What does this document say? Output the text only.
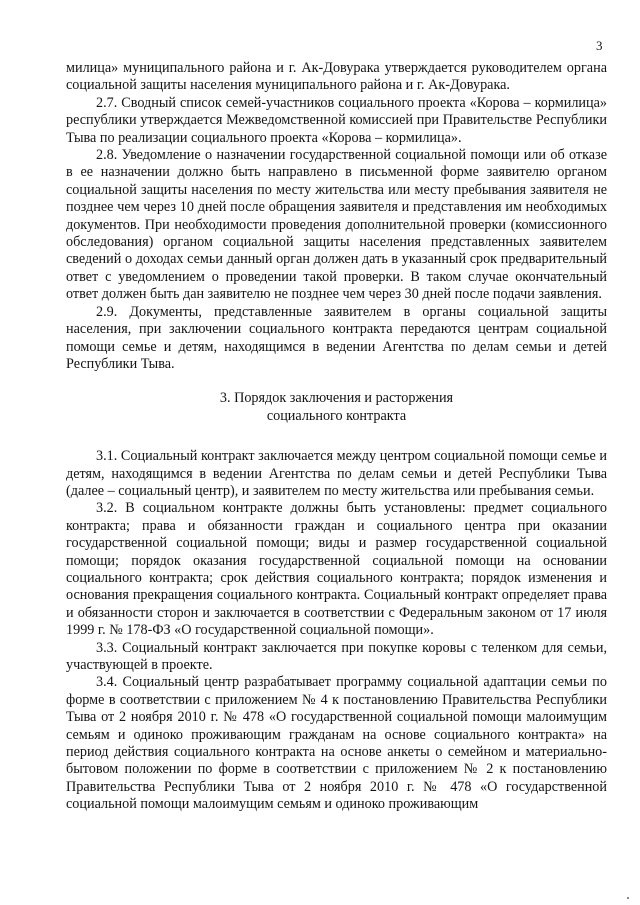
3

милица» муниципального района и г. Ак-Довурака утверждается руководителем органа социальной защиты населения муниципального района и г. Ак-Довурака.

2.7. Сводный список семей-участников социального проекта «Корова – кормилица» республики утверждается Межведомственной комиссией при Правительстве Республики Тыва по реализации социального проекта «Корова – кормилица».

2.8. Уведомление о назначении государственной социальной помощи или об отказе в ее назначении должно быть направлено в письменной форме заявителю органом социальной защиты населения по месту жительства или месту пребывания заявителя не позднее чем через 10 дней после обращения заявителя и представления им необходимых документов. При необходимости проведения дополнительной проверки (комиссионного обследования) органом социальной защиты населения представленных заявителем сведений о доходах семьи данный орган должен дать в указанный срок предварительный ответ с уведомлением о проведении такой проверки. В таком случае окончательный ответ должен быть дан заявителю не позднее чем через 30 дней после подачи заявления.

2.9. Документы, представленные заявителем в органы социальной защиты населения, при заключении социального контракта передаются центрам социальной помощи семье и детям, находящимся в ведении Агентства по делам семьи и детей Республики Тыва.

3. Порядок заключения и расторжения
социального контракта

3.1. Социальный контракт заключается между центром социальной помощи семье и детям, находящимся в ведении Агентства по делам семьи и детей Республики Тыва (далее – социальный центр), и заявителем по месту жительства или пребывания семьи.

3.2. В социальном контракте должны быть установлены: предмет социального контракта; права и обязанности граждан и социального центра при оказании государственной социальной помощи; виды и размер государственной социальной помощи; порядок оказания государственной социальной помощи на основании социального контракта; срок действия социального контракта; порядок изменения и основания прекращения социального контракта. Социальный контракт определяет права и обязанности сторон и заключается в соответствии с Федеральным законом от 17 июля 1999 г. № 178-ФЗ «О государственной социальной помощи».

3.3. Социальный контракт заключается при покупке коровы с теленком для семьи, участвующей в проекте.

3.4. Социальный центр разрабатывает программу социальной адаптации семьи по форме в соответствии с приложением № 4 к постановлению Правительства Республики Тыва от 2 ноября 2010 г. № 478 «О государственной социальной помощи малоимущим семьям и одиноко проживающим гражданам на основе социального контракта» на период действия социального контракта на основе анкеты о семейном и материально-бытовом положении по форме в соответствии с приложением № 2 к постановлению Правительства Республики Тыва от 2 ноября 2010 г. № 478 «О государственной социальной помощи малоимущим семьям и одиноко проживающим
